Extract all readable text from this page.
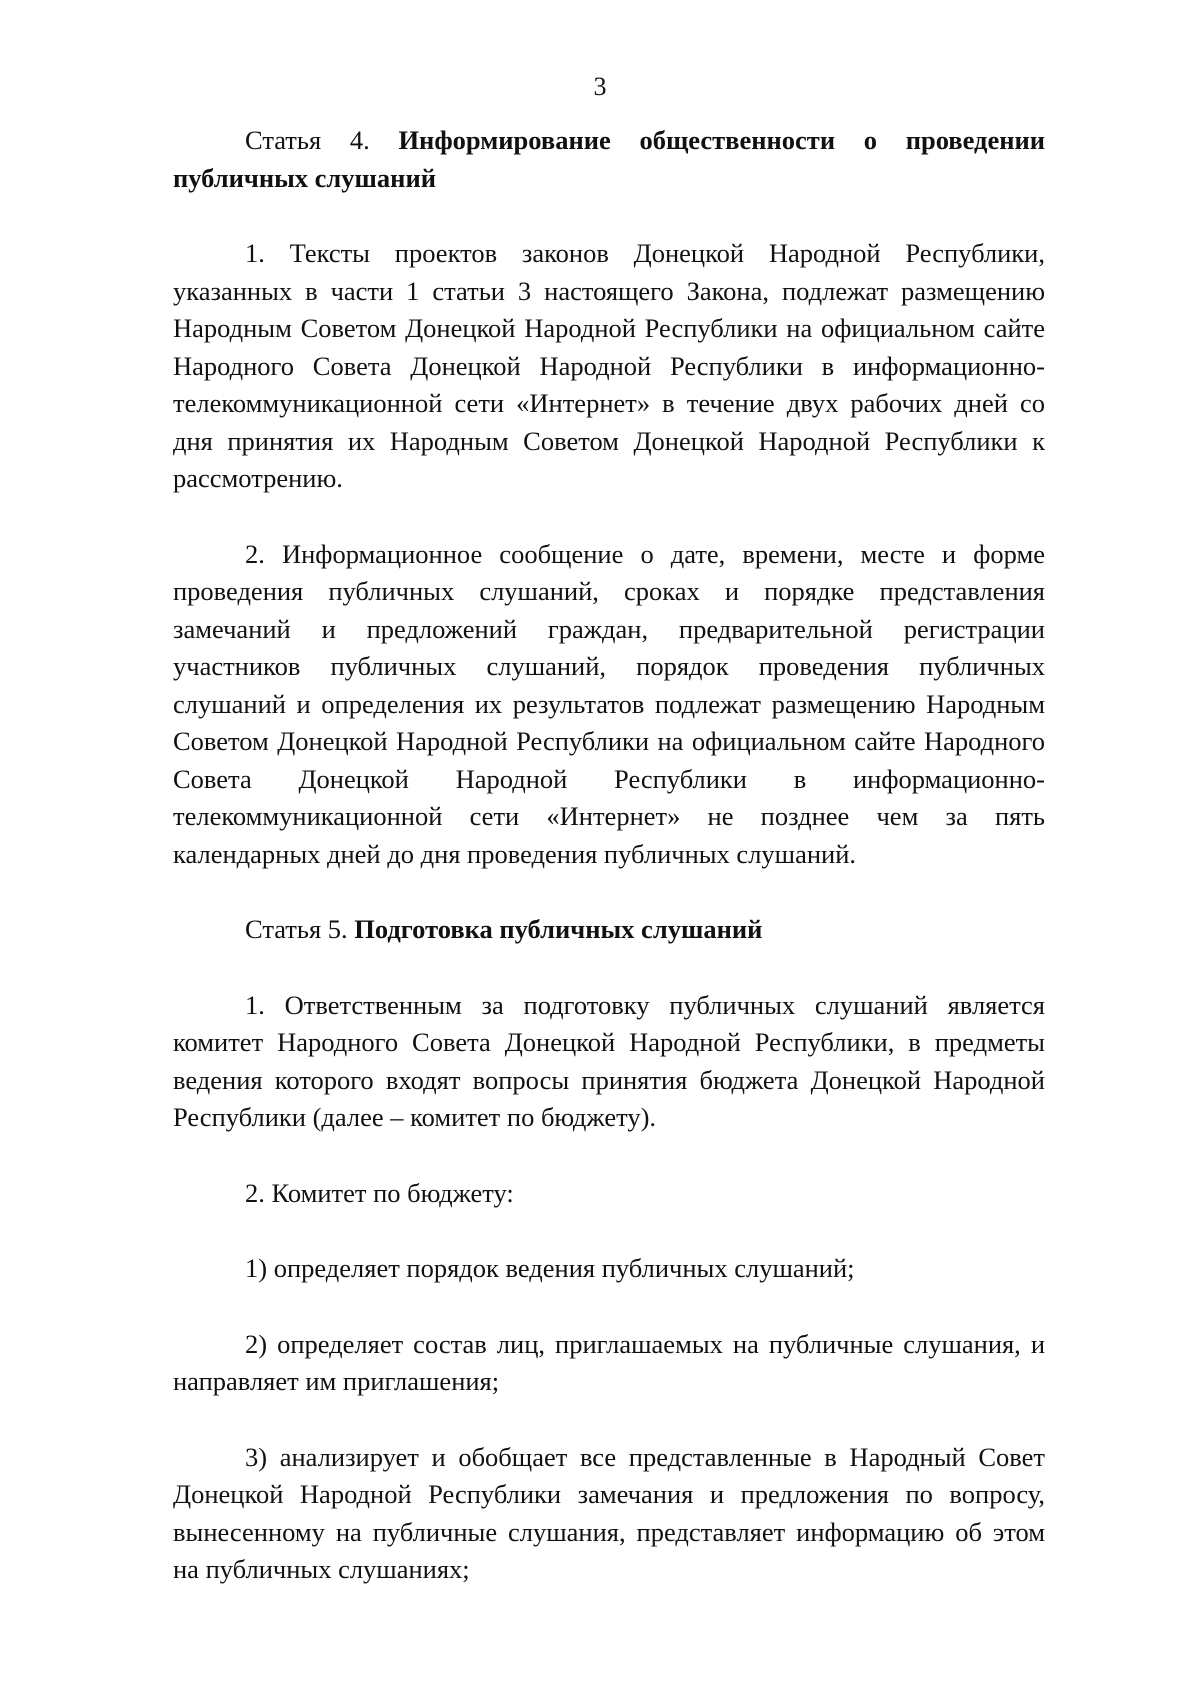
3

Статья 4. Информирование общественности о проведении публичных слушаний

1. Тексты проектов законов Донецкой Народной Республики, указанных в части 1 статьи 3 настоящего Закона, подлежат размещению Народным Советом Донецкой Народной Республики на официальном сайте Народного Совета Донецкой Народной Республики в информационно-телекоммуникационной сети «Интернет» в течение двух рабочих дней со дня принятия их Народным Советом Донецкой Народной Республики к рассмотрению.

2. Информационное сообщение о дате, времени, месте и форме проведения публичных слушаний, сроках и порядке представления замечаний и предложений граждан, предварительной регистрации участников публичных слушаний, порядок проведения публичных слушаний и определения их результатов подлежат размещению Народным Советом Донецкой Народной Республики на официальном сайте Народного Совета Донецкой Народной Республики в информационно-телекоммуникационной сети «Интернет» не позднее чем за пять календарных дней до дня проведения публичных слушаний.

Статья 5. Подготовка публичных слушаний

1. Ответственным за подготовку публичных слушаний является комитет Народного Совета Донецкой Народной Республики, в предметы ведения которого входят вопросы принятия бюджета Донецкой Народной Республики (далее – комитет по бюджету).

2. Комитет по бюджету:

1) определяет порядок ведения публичных слушаний;

2) определяет состав лиц, приглашаемых на публичные слушания, и направляет им приглашения;

3) анализирует и обобщает все представленные в Народный Совет Донецкой Народной Республики замечания и предложения по вопросу, вынесенному на публичные слушания, представляет информацию об этом на публичных слушаниях;
